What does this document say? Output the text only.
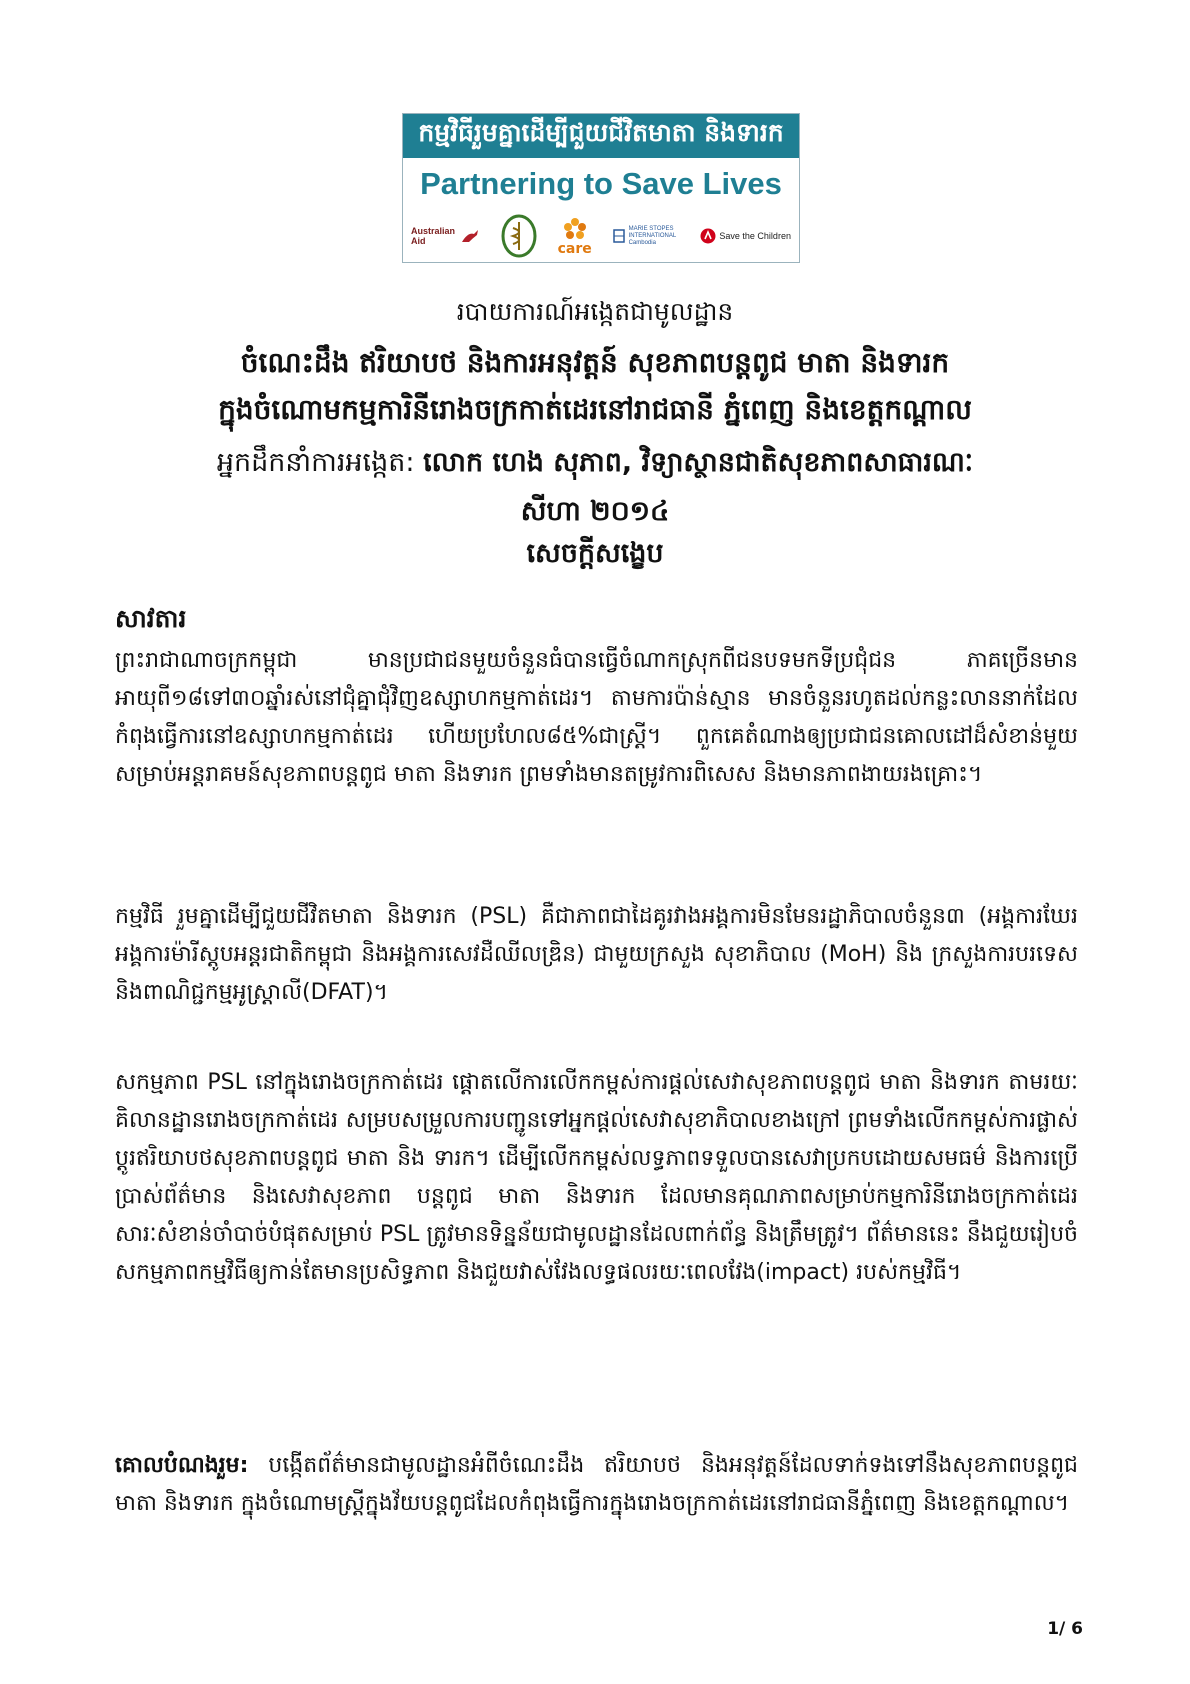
កម្មវិធីរួមគ្នាដើម្បីជួយជីវិតមាតា និងទារក
Partnering to Save Lives
Australian Aid	care
MARIE STOPES INTERNATIONAL Cambodia
Save the Children
របាយការណ៍អង្កេតជាមូលដ្ឋាន
ចំណេះដឹង ឥរិយាបថ និងការអនុវត្តន៍ សុខភាពបន្តពូជ មាតា និងទារក
ក្នុងចំណោមកម្មការិនីរោងចក្រកាត់ដេរនៅរាជធានី ភ្នំពេញ និងខេត្តកណ្តាល
អ្នកដឹកនាំការអង្កេត: លោក ហេង សុភាព, វិទ្យាស្ថានជាតិសុខភាពសាធារណៈ
សីហា ២០១៤
សេចក្តីសង្ខេប
សាវតារ
ព្រះរាជាណាចក្រកម្ពុជា មានប្រជាជនមួយចំនួនធំបានធ្វើចំណាកស្រុកពីជនបទមកទីប្រជុំជន ភាគច្រើនមានអាយុពី១៨ទៅ៣០ឆ្នាំរស់នៅជុំគ្នាជុំវិញឧស្សាហកម្មកាត់ដេរ។ តាមការប៉ាន់ស្មាន មានចំនួនរហូតដល់កន្លះលាននាក់ដែលកំពុងធ្វើការនៅឧស្សាហកម្មកាត់ដេរ ហើយប្រហែល៨៥%ជាស្ត្រី។ ពួកគេតំណាងឲ្យប្រជាជនគោលដៅដ៏សំខាន់មួយសម្រាប់អន្តរាគមន៍សុខភាពបន្តពូជ មាតា និងទារក ព្រមទាំងមានតម្រូវការពិសេស និងមានភាពងាយរងគ្រោះ។
កម្មវិធី រួមគ្នាដើម្បីជួយជីវិតមាតា និងទារក (PSL) គឺជាភាពជាដៃគូរវាងអង្គការមិនមែនរដ្ឋាភិបាលចំនួន៣ (អង្គការឃែរ អង្គការម៉ារីស្តូបអន្តរជាតិកម្ពុជា និងអង្គការសេវដឺឈីលឌ្រិន) ជាមួយក្រសួង សុខាភិបាល (MoH) និង ក្រសួងការបរទេស និងពាណិជ្ជកម្មអូស្ត្រាលី(DFAT)។
សកម្មភាព PSL នៅក្នុងរោងចក្រកាត់ដេរ ផ្តោតលើការលើកកម្ពស់ការផ្តល់សេវាសុខភាពបន្តពូជ មាតា និងទារក តាមរយៈគិលានដ្ឋានរោងចក្រកាត់ដេរ សម្របសម្រួលការបញ្ជូនទៅអ្នកផ្តល់សេវាសុខាភិបាលខាងក្រៅ ព្រមទាំងលើកកម្ពស់ការផ្លាស់ប្តូរឥរិយាបថសុខភាពបន្តពូជ មាតា និង ទារក។ ដើម្បីលើកកម្ពស់លទ្ធភាពទទួលបានសេវាប្រកបដោយសមធម៌ និងការប្រើប្រាស់ព័ត៌មាន និងសេវាសុខភាព បន្តពូជ មាតា និងទារក ដែលមានគុណភាពសម្រាប់កម្មការិនីរោងចក្រកាត់ដេរ សារៈសំខាន់ចាំបាច់បំផុតសម្រាប់ PSL ត្រូវមានទិន្នន័យជាមូលដ្ឋានដែលពាក់ព័ន្ធ និងត្រឹមត្រូវ។ ព័ត៌មាននេះ នឹងជួយរៀបចំសកម្មភាពកម្មវិធីឲ្យកាន់តែមានប្រសិទ្ធភាព និងជួយវាស់វែងលទ្ធផលរយៈពេលវែង(impact) របស់កម្មវិធី។
គោលបំណងរួម: បង្កើតព័ត៌មានជាមូលដ្ឋានអំពីចំណេះដឹង ឥរិយាបថ និងអនុវត្តន៍ដែលទាក់ទងទៅនឹងសុខភាពបន្តពូជ មាតា និងទារក ក្នុងចំណោមស្ត្រីក្នុងវ័យបន្តពូជដែលកំពុងធ្វើការក្នុងរោងចក្រកាត់ដេរនៅរាជធានីភ្នំពេញ និងខេត្តកណ្តាល។
1/ 6
